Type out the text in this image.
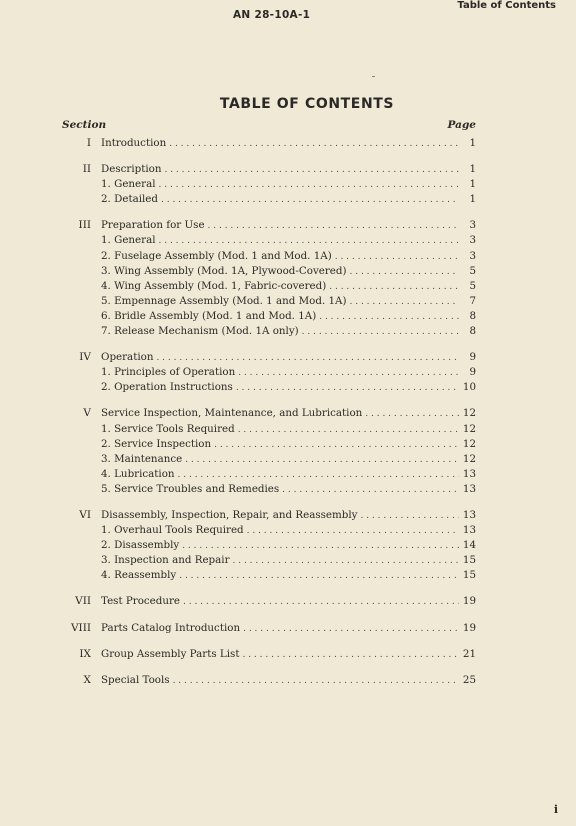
AN 28-10A-1
Table of Contents
TABLE OF CONTENTS
Section	Page
I Introduction . . .	1
II Description . . .	1
1. General . . .	1
2. Detailed . . .	1
III Preparation for Use . . .	3
1. General . . .	3
2. Fuselage Assembly (Mod. 1 and Mod. 1A) . . .	3
3. Wing Assembly (Mod. 1A, Plywood-Covered) . . .	5
4. Wing Assembly (Mod. 1, Fabric-covered) . . .	5
5. Empennage Assembly (Mod. 1 and Mod. 1A) . . .	7
6. Bridle Assembly (Mod. 1 and Mod. 1A) . . .	8
7. Release Mechanism (Mod. 1A only) . . .	8
IV Operation . . .	9
1. Principles of Operation . . .	9
2. Operation Instructions . . .	10
V Service Inspection, Maintenance, and Lubrication . . .	12
1. Service Tools Required . . .	12
2. Service Inspection . . .	12
3. Maintenance . . .	12
4. Lubrication . . .	13
5. Service Troubles and Remedies . . .	13
VI Disassembly, Inspection, Repair, and Reassembly . . .	13
1. Overhaul Tools Required . . .	13
2. Disassembly . . .	14
3. Inspection and Repair . . .	15
4. Reassembly . . .	15
VII Test Procedure . . .	19
VIII Parts Catalog Introduction . . .	19
IX Group Assembly Parts List . . .	21
X Special Tools . . .	25
i
